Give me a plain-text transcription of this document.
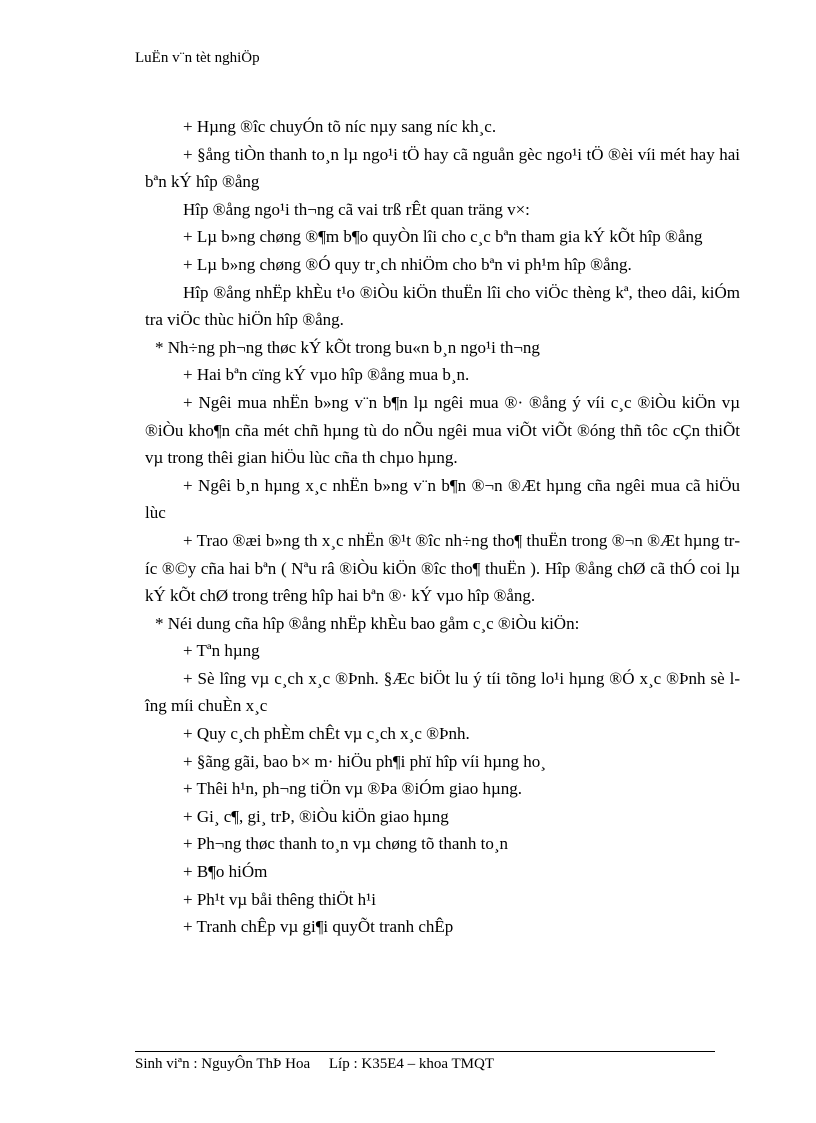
LuËn v¨n tèt nghiÖp

+ Hµng ®îc chuyÓn tõ níc nµy sang níc kh¸c.

+ §ång tiÒn thanh to¸n lµ ngo¹i tÖ hay cã nguån gèc ngo¹i tÖ ®èi víi mét hay hai bªn kÝ hîp ®ång

Hîp ®ång ngo¹i th¬ng cã vai trß rÊt quan träng v×:

+ Lµ b»ng chøng ®¶m b¶o quyÒn lîi cho c¸c bªn tham gia kÝ kÕt hîp ®ång

+ Lµ b»ng chøng ®Ó quy tr¸ch nhiÖm cho bªn vi ph¹m hîp ®ång.

Hîp ®ång nhËp khÈu t¹o ®iÒu kiÖn thuËn lîi cho viÖc thèng kª, theo dâi, kiÓm tra viÖc thùc hiÖn hîp ®ång.

* Nh÷ng ph¬ng thøc kÝ kÕt trong bu«n b¸n ngo¹i th¬ng

+ Hai bªn cïng kÝ vµo hîp ®ång mua b¸n.

+ Ngêi mua nhËn b»ng v¨n b¶n lµ ngêi mua ®· ®ång ý víi c¸c ®iÒu kiÖn vµ ®iÒu kho¶n cña mét chñ hµng tù do nÕu ngêi mua viÕt viÕt ®óng thñ tôc cÇn thiÕt vµ trong thêi gian hiÖu lùc cña th chµo hµng.

+ Ngêi b¸n hµng x¸c nhËn b»ng v¨n b¶n ®¬n ®Æt hµng cña ngêi mua cã hiÖu lùc

+ Trao ®æi b»ng th x¸c nhËn ®¹t ®îc nh÷ng tho¶ thuËn trong ®¬n ®Æt hµng tríc ®©y cña hai bªn ( Nªu râ ®iÒu kiÖn ®îc tho¶ thuËn ). Hîp ®ång chØ cã thÓ coi lµ kÝ kÕt chØ trong trêng hîp hai bªn ®· kÝ vµo hîp ®ång.

* Néi dung cña hîp ®ång nhËp khÈu bao gåm c¸c ®iÒu kiÖn:

+ Tªn hµng

+ Sè lîng vµ c¸ch x¸c ®Þnh. §Æc biÖt lu ý tíi tõng lo¹i hµng ®Ó x¸c ®Þnh sè lîng míi chuÈn x¸c

+ Quy c¸ch phÈm chÊt vµ c¸ch x¸c ®Þnh.

+ §ãng gãi, bao b× m· hiÖu ph¶i phï hîp víi hµng ho¸

+ Thêi h¹n, ph¬ng tiÖn vµ ®Þa ®iÓm giao hµng.

+ Gi¸ c¶, gi¸ trÞ, ®iÒu kiÖn giao hµng

+ Ph¬ng thøc thanh to¸n vµ chøng tõ thanh to¸n

+ B¶o hiÓm

+ Ph¹t vµ båi thêng thiÖt h¹i

+ Tranh chÊp vµ gi¶i quyÕt tranh chÊp

Sinh viªn : NguyÔn ThÞ Hoa     Líp : K35E4 – khoa TMQT
